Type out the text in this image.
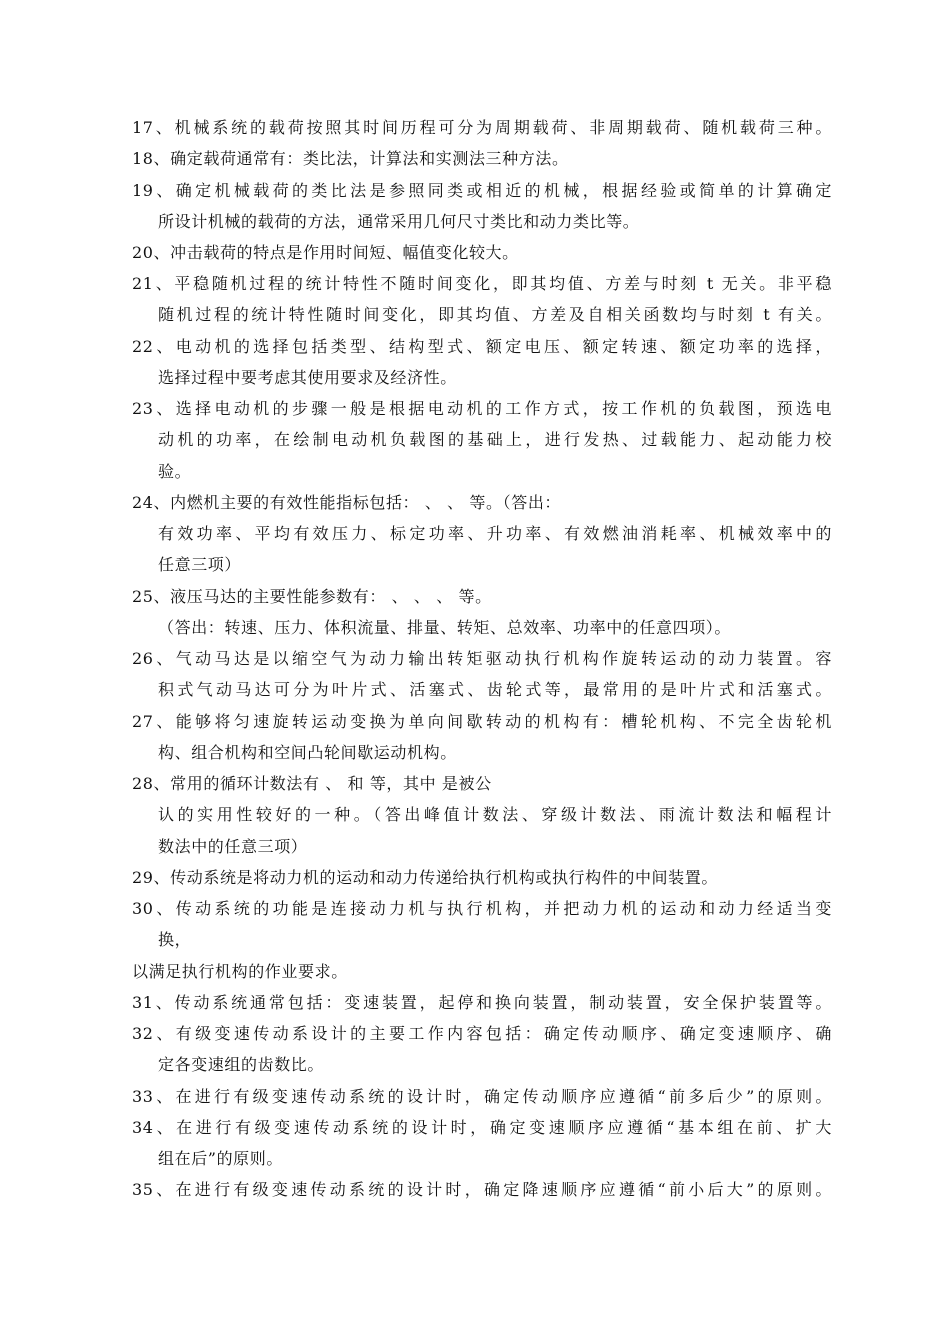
17、机械系统的载荷按照其时间历程可分为周期载荷、非周期载荷、随机载荷三种。
18、确定载荷通常有：类比法，计算法和实测法三种方法。
19、确定机械载荷的类比法是参照同类或相近的机械，根据经验或简单的计算确定
所设计机械的载荷的方法，通常采用几何尺寸类比和动力类比等。
20、冲击载荷的特点是作用时间短、幅值变化较大。
21、平稳随机过程的统计特性不随时间变化，即其均值、方差与时刻 t 无关。非平稳
随机过程的统计特性随时间变化，即其均值、方差及自相关函数均与时刻 t 有关。
22、电动机的选择包括类型、结构型式、额定电压、额定转速、额定功率的选择，
选择过程中要考虑其使用要求及经济性。
23、选择电动机的步骤一般是根据电动机的工作方式，按工作机的负载图，预选电
动机的功率，在绘制电动机负载图的基础上，进行发热、过载能力、起动能力校
验。
24、内燃机主要的有效性能指标包括： 、 、 等。（答出：
有效功率、平均有效压力、标定功率、升功率、有效燃油消耗率、机械效率中的
任意三项）
25、液压马达的主要性能参数有： 、 、 、 等。
（答出：转速、压力、体积流量、排量、转矩、总效率、功率中的任意四项）。
26、气动马达是以缩空气为动力输出转矩驱动执行机构作旋转运动的动力装置。容
积式气动马达可分为叶片式、活塞式、齿轮式等，最常用的是叶片式和活塞式。
27、能够将匀速旋转运动变换为单向间歇转动的机构有：槽轮机构、不完全齿轮机
构、组合机构和空间凸轮间歇运动机构。
28、常用的循环计数法有 、 和 等，其中 是被公
认的实用性较好的一种。（答出峰值计数法、穿级计数法、雨流计数法和幅程计
数法中的任意三项）
29、传动系统是将动力机的运动和动力传递给执行机构或执行构件的中间装置。
30、传动系统的功能是连接动力机与执行机构，并把动力机的运动和动力经适当变
换，
以满足执行机构的作业要求。
31、传动系统通常包括：变速装置，起停和换向装置，制动装置，安全保护装置等。
32、有级变速传动系设计的主要工作内容包括：确定传动顺序、确定变速顺序、确
定各变速组的齿数比。
33、在进行有级变速传动系统的设计时，确定传动顺序应遵循“前多后少”的原则。
34、在进行有级变速传动系统的设计时，确定变速顺序应遵循“基本组在前、扩大
组在后”的原则。
35、在进行有级变速传动系统的设计时，确定降速顺序应遵循“前小后大”的原则。
